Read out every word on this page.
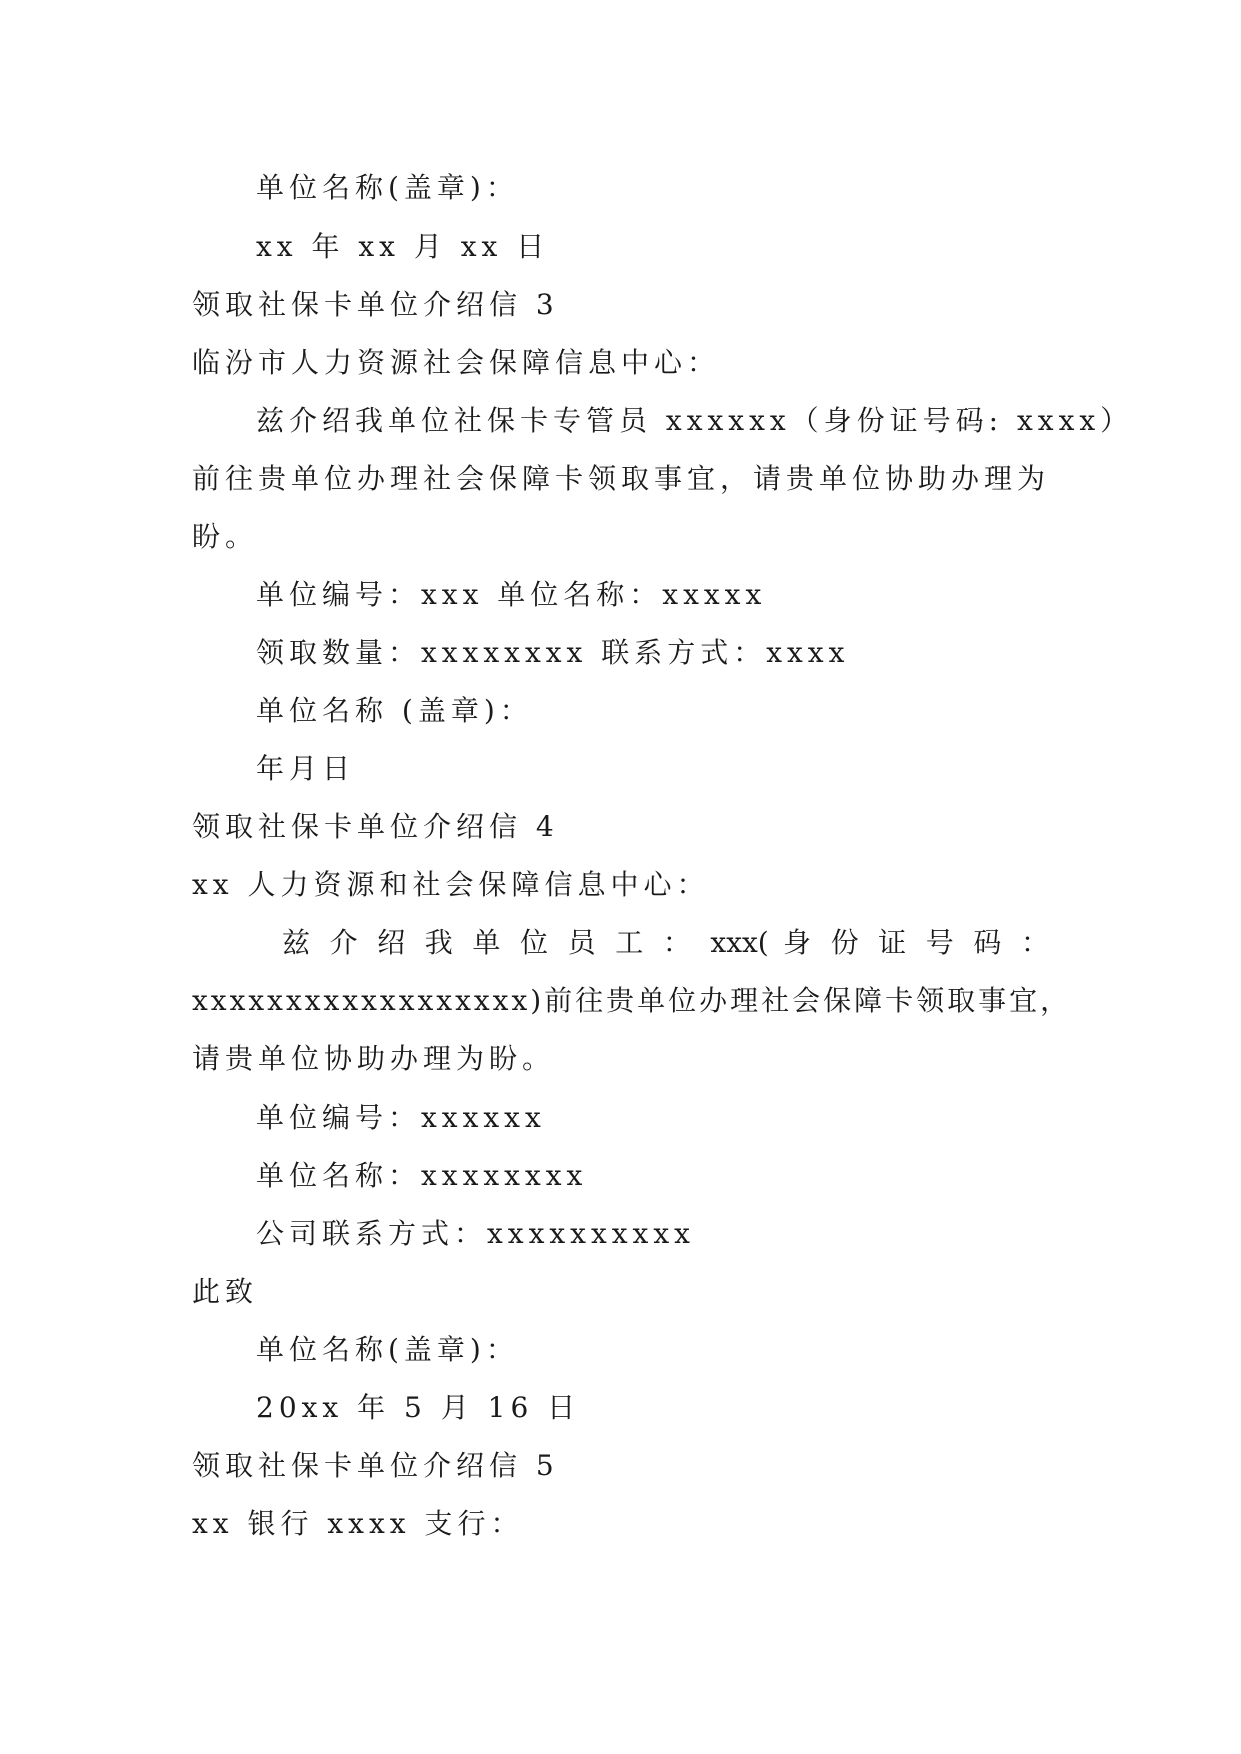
单位名称(盖章)：
xx 年 xx 月 xx 日
领取社保卡单位介绍信 3
临汾市人力资源社会保障信息中心：
兹介绍我单位社保卡专管员 xxxxxx（身份证号码: xxxx）
前往贵单位办理社会保障卡领取事宜，请贵单位协助办理为
盼。
单位编号：xxx 单位名称：xxxxx
领取数量：xxxxxxxx 联系方式：xxxx
单位名称 (盖章)：
年月日
领取社保卡单位介绍信 4
xx 人力资源和社会保障信息中心：
兹 介 绍 我 单 位 员 工 ： xxx( 身 份 证 号 码 ：
xxxxxxxxxxxxxxxxxx)前往贵单位办理社会保障卡领取事宜，
请贵单位协助办理为盼。
单位编号：xxxxxx
单位名称：xxxxxxxx
公司联系方式：xxxxxxxxxx
此致
单位名称(盖章)：
20xx 年 5 月 16 日
领取社保卡单位介绍信 5
xx 银行 xxxx 支行：
